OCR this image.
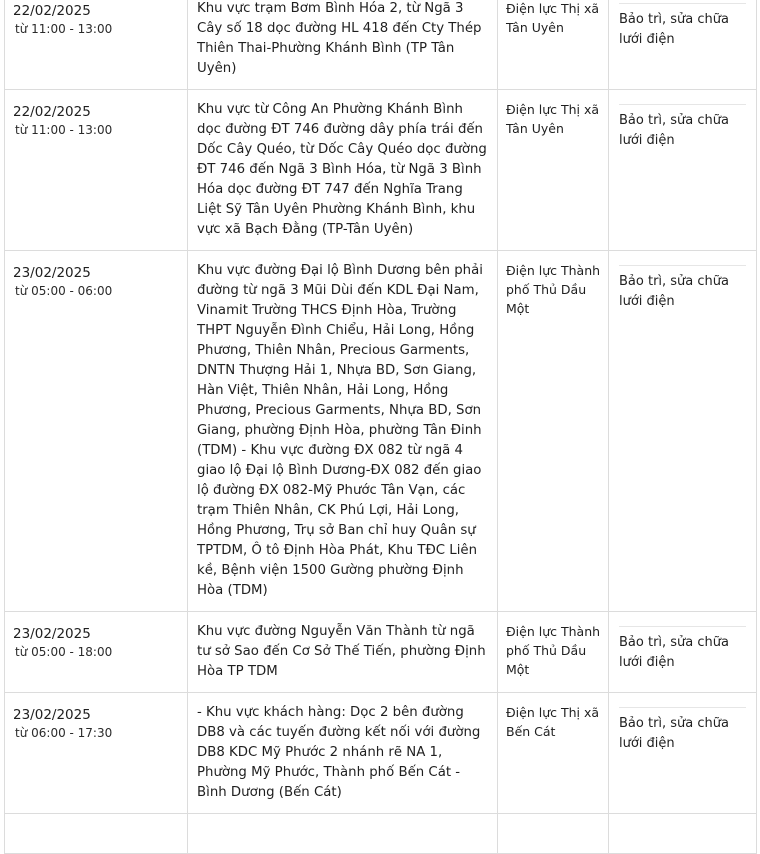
22/02/2025
từ 11:00 - 13:00	Khu vực trạm Bơm Bình Hóa 2, từ Ngã 3 Cây số 18 dọc đường HL 418 đến Cty Thép Thiên Thai-Phường Khánh Bình (TP Tân Uyên)	Điện lực Thị xã Tân Uyên	Bảo trì, sửa chữa lưới điện

22/02/2025
từ 11:00 - 13:00	Khu vực từ Công An Phường Khánh Bình dọc đường ĐT 746 đường dây phía trái đến Dốc Cây Quéo, từ Dốc Cây Quéo dọc đường ĐT 746 đến Ngã 3 Bình Hóa, từ Ngã 3 Bình Hóa dọc đường ĐT 747 đến Nghĩa Trang Liệt Sỹ Tân Uyên Phường Khánh Bình, khu vực xã Bạch Đằng (TP-Tân Uyên)	Điện lực Thị xã Tân Uyên	Bảo trì, sửa chữa lưới điện

23/02/2025
từ 05:00 - 06:00	Khu vực đường Đại lộ Bình Dương bên phải đường từ ngã 3 Mũi Dùi đến KDL Đại Nam, Vinamit Trường THCS Định Hòa, Trường THPT Nguyễn Đình Chiểu, Hải Long, Hồng Phương, Thiên Nhân, Precious Garments, DNTN Thượng Hải 1, Nhựa BD, Sơn Giang, Hàn Việt, Thiên Nhân, Hải Long, Hồng Phương, Precious Garments, Nhựa BD, Sơn Giang, phường Định Hòa, phường Tân Đinh (TDM) - Khu vực đường ĐX 082 từ ngã 4 giao lộ Đại lộ Bình Dương-ĐX 082 đến giao lộ đường ĐX 082-Mỹ Phước Tân Vạn, các trạm Thiên Nhân, CK Phú Lợi, Hải Long, Hồng Phương, Trụ sở Ban chỉ huy Quân sự TPTDM, Ô tô Định Hòa Phát, Khu TĐC Liên kề, Bệnh viện 1500 Gường phường Định Hòa (TDM)	Điện lực Thành phố Thủ Dầu Một	Bảo trì, sửa chữa lưới điện

23/02/2025
từ 05:00 - 18:00	Khu vực đường Nguyễn Văn Thành từ ngã tư sở Sao đến Cơ Sở Thế Tiến, phường Định Hòa TP TDM	Điện lực Thành phố Thủ Dầu Một	Bảo trì, sửa chữa lưới điện

23/02/2025
từ 06:00 - 17:30	- Khu vực khách hàng: Dọc 2 bên đường DB8 và các tuyến đường kết nối với đường DB8 KDC Mỹ Phước 2 nhánh rẽ NA 1, Phường Mỹ Phước, Thành phố Bến Cát - Bình Dương (Bến Cát)	Điện lực Thị xã Bến Cát	Bảo trì, sửa chữa lưới điện
